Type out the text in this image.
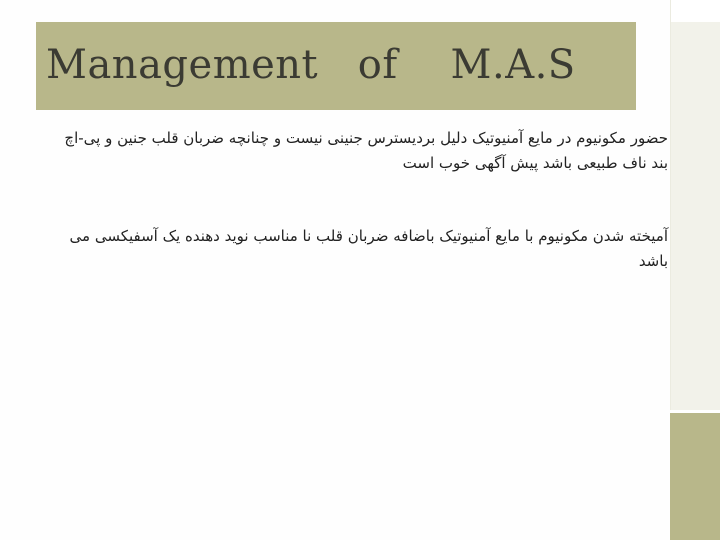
Management   of    M.A.S
حضور مکونیوم در مایع آمنیوتیک دلیل بردیسترس جنینی نیست و چنانچه ضربان قلب جنین و پی-اچ بند ناف طبیعی باشد پیش آگهی خوب است
آمیخته شدن مکونیوم با مایع آمنیوتیک باضافه ضربان قلب نا مناسب نوید دهنده یک آسفیکسی می باشد
